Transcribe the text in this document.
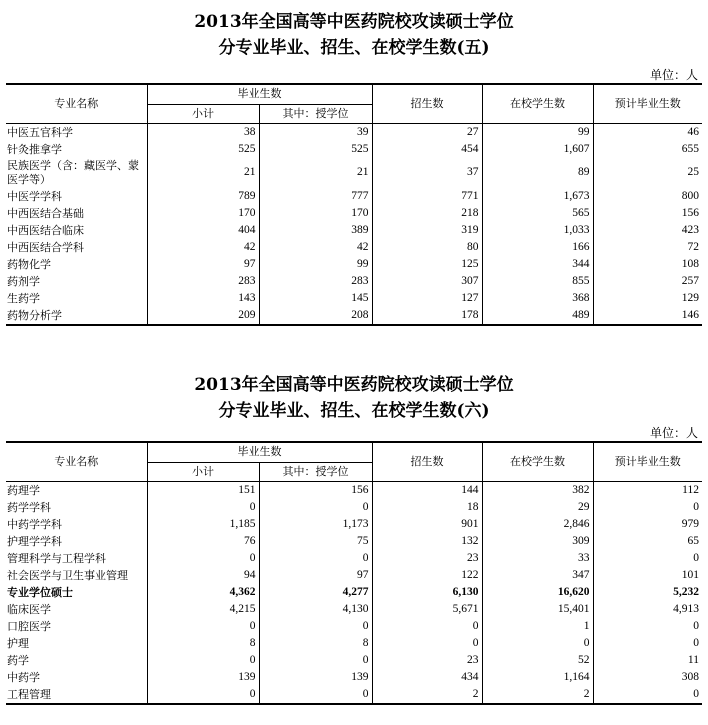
2013年全国高等中医药院校攻读硕士学位
分专业毕业、招生、在校学生数(五)
单位：人
专业名称	毕业生数		招生数	在校学生数	预计毕业生数
	小计	其中：授学位			
中医五官科学	38	39	27	99	46
针灸推拿学	525	525	454	1,607	655
民族医学（含：藏医学、蒙医学等）	21	21	37	89	25
中医学学科	789	777	771	1,673	800
中西医结合基础	170	170	218	565	156
中西医结合临床	404	389	319	1,033	423
中西医结合学科	42	42	80	166	72
药物化学	97	99	125	344	108
药剂学	283	283	307	855	257
生药学	143	145	127	368	129
药物分析学	209	208	178	489	146
2013年全国高等中医药院校攻读硕士学位
分专业毕业、招生、在校学生数(六)
单位：人
专业名称	毕业生数		招生数	在校学生数	预计毕业生数
	小计	其中：授学位			
药理学	151	156	144	382	112
药学学科	0	0	18	29	0
中药学学科	1,185	1,173	901	2,846	979
护理学学科	76	75	132	309	65
管理科学与工程学科	0	0	23	33	0
社会医学与卫生事业管理	94	97	122	347	101
专业学位硕士	4,362	4,277	6,130	16,620	5,232
临床医学	4,215	4,130	5,671	15,401	4,913
口腔医学	0	0	0	1	0
护理	8	8	0	0	0
药学	0	0	23	52	11
中药学	139	139	434	1,164	308
工程管理	0	0	2	2	0
